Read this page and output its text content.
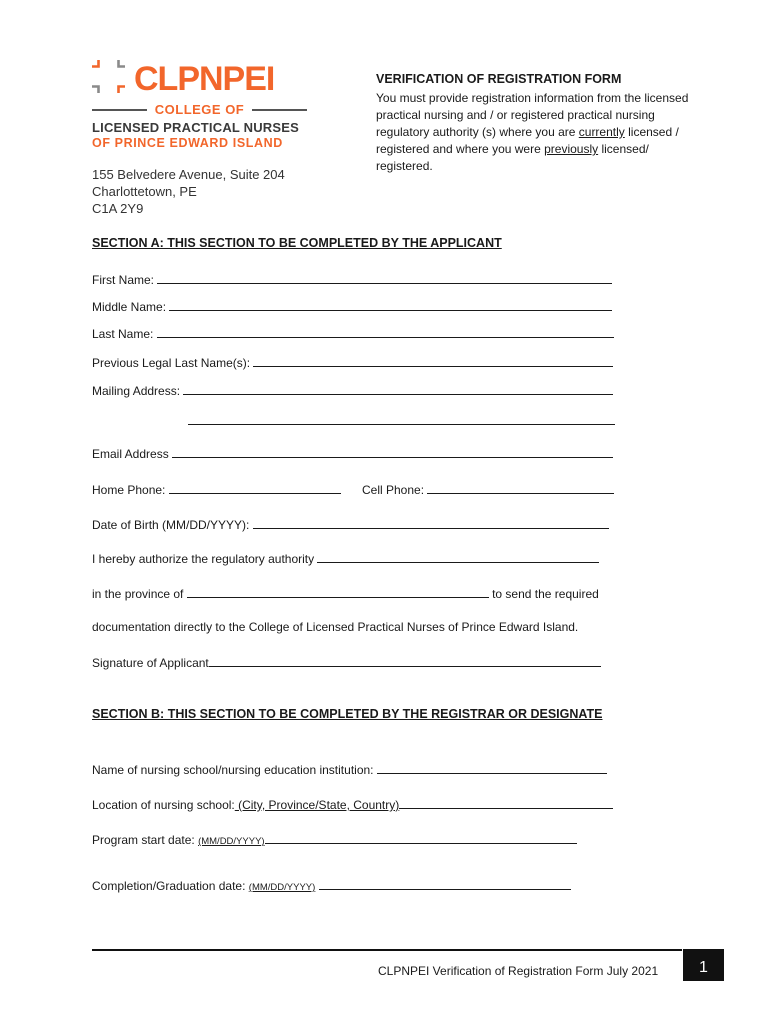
CLPNPEI
COLLEGE OF
LICENSED PRACTICAL NURSES
OF PRINCE EDWARD ISLAND
155 Belvedere Avenue, Suite 204
Charlottetown, PE
C1A 2Y9
VERIFICATION OF REGISTRATION FORM
You must provide registration information from the licensed practical nursing and / or registered practical nursing regulatory authority (s) where you are currently licensed / registered and where you were previously licensed/ registered.
SECTION A: THIS SECTION TO BE COMPLETED BY THE APPLICANT
First Name:
Middle Name:
Last Name:
Previous Legal Last Name(s):
Mailing Address:
Email Address
Home Phone:	Cell Phone:
Date of Birth (MM/DD/YYYY):
I hereby authorize the regulatory authority
in the province of	to send the required
documentation directly to the College of Licensed Practical Nurses of Prince Edward Island.
Signature of Applicant
SECTION B: THIS SECTION TO BE COMPLETED BY THE REGISTRAR OR DESIGNATE
Name of nursing school/nursing education institution:
Location of nursing school: (City, Province/State, Country)
Program start date: (MM/DD/YYYY)
Completion/Graduation date: (MM/DD/YYYY)
CLPNPEI Verification of Registration Form July 2021	1
